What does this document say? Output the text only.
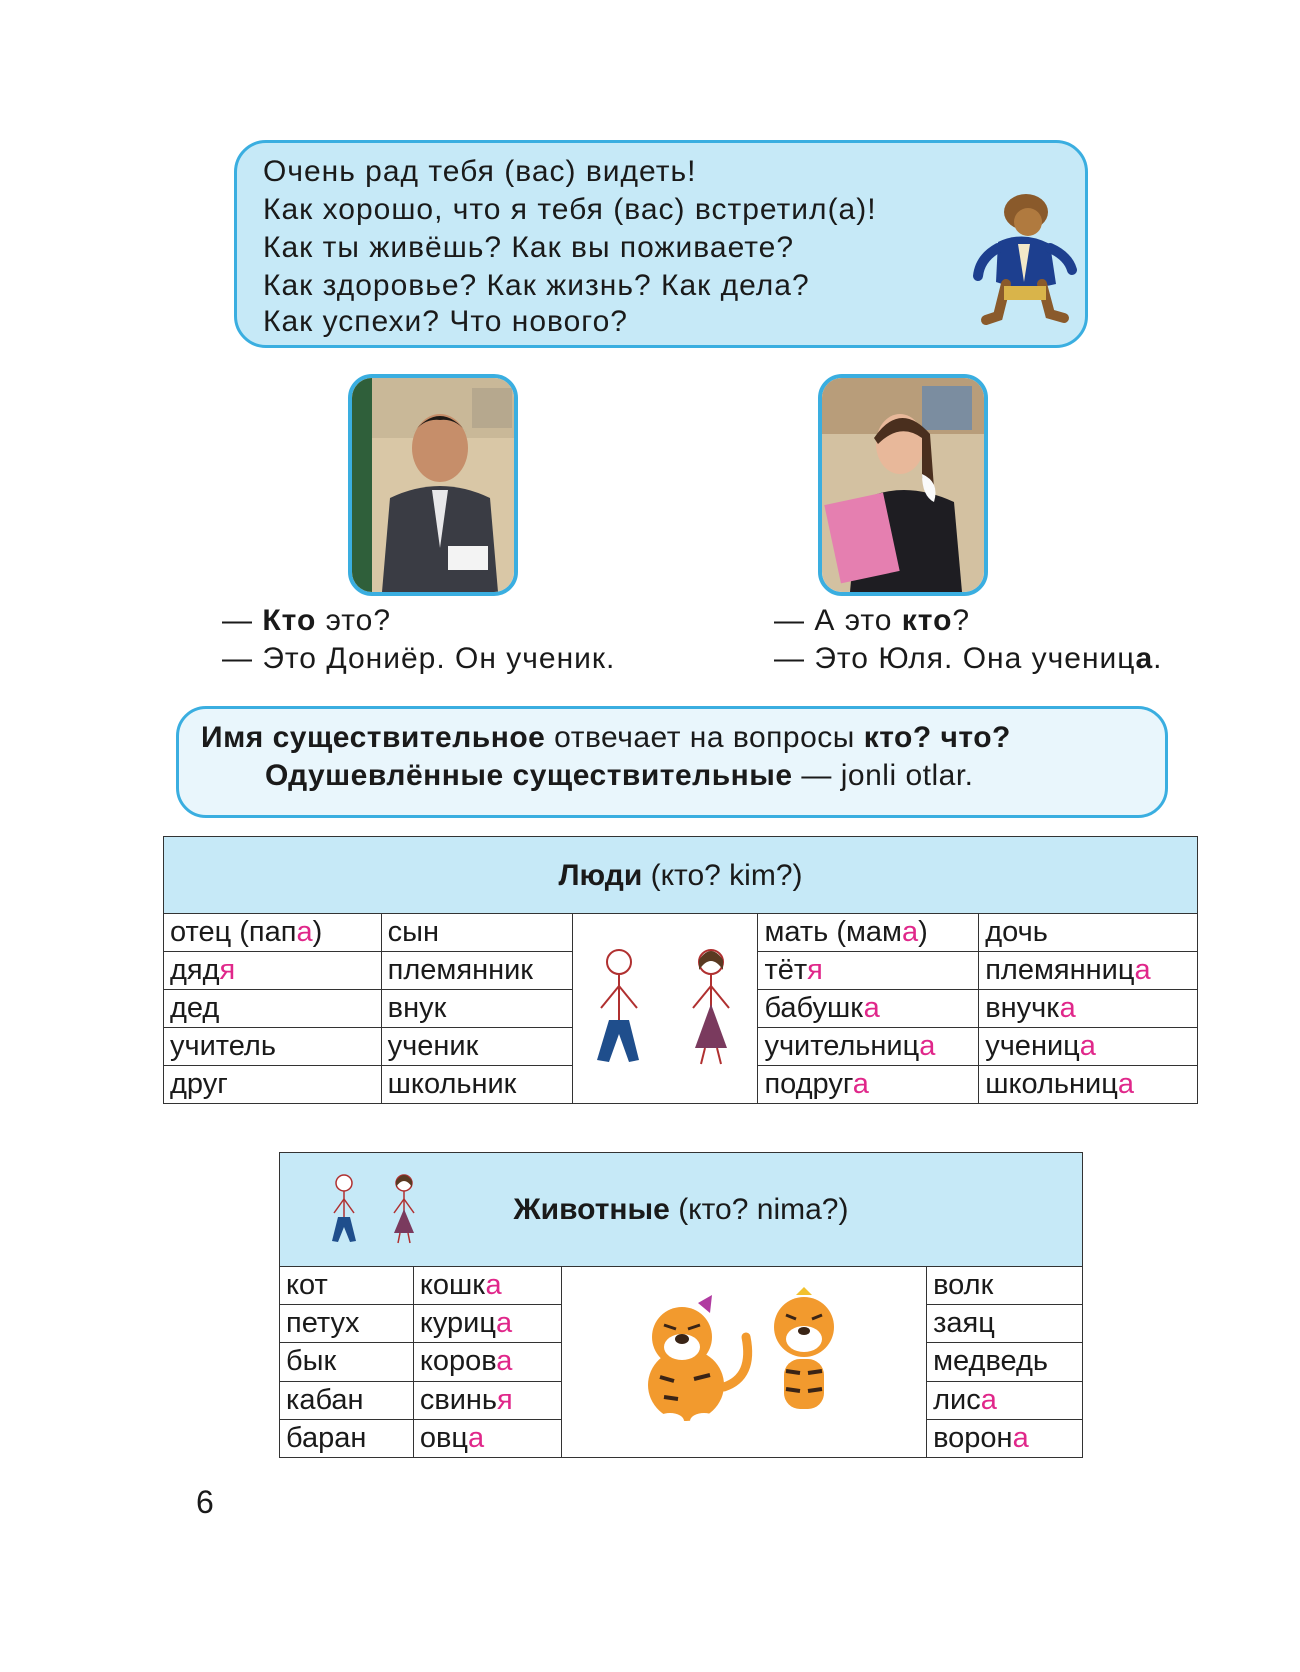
Очень рад тебя (вас) видеть!
Как хорошо, что я тебя (вас) встретил(а)!
Как ты живёшь? Как вы поживаете?
Как здоровье? Как жизнь? Как дела?
Как успехи? Что нового?
— Кто это?
— Это Дониёр. Он ученик.
— А это кто?
— Это Юля. Она ученица.
Имя существительное отвечает на вопросы кто? что?
Одушевлённые существительные — jonli otlar.
Люди (кто? kim?)				
отец (папа)	сын		мать (мама)	дочь
дядя	племянник		тётя	племянница
дед	внук		бабушка	внучка
учитель	ученик		учительница	ученица
друг	школьник		подруга	школьница
Животные (кто? nima?)			
кот	кошка		волк
петух	курица		заяц
бык	корова		медведь
кабан	свинья		лиса
баран	овца		ворона
6
